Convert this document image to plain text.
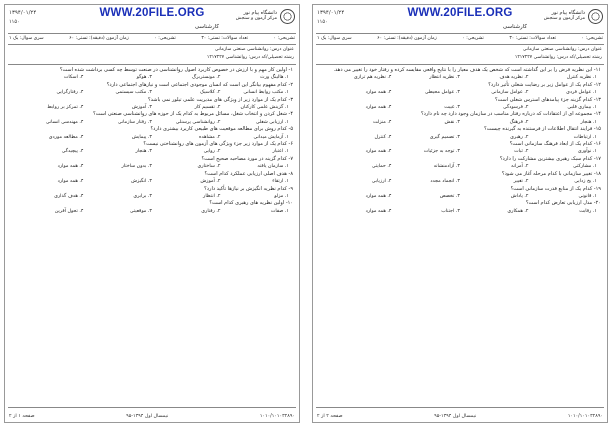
WWW.20FILE.ORG
۱۳۹۴/۰۱/۲۴
۱۱۵۰
دانشگاه پیام نور
مرکز آزمون و سنجش
کارشناسی
تشریحی: ۰
تعداد سوالات: تستی: ۳۰
تشریحی: ۰
زمان آزمون (دقیقه): تستی: ۶۰
سری سوال: یک ۱
عنوان درس: روانشناسی صنعتی سازمانی
رشته تحصیلی/کد درس: روانشناسی ۱۲۱۷۲۲۷
۱- اولین کار مهم و با ارزش در خصوص کاربرد اصول روانشناسی در صنعت توسط چه کسی برداشت شده است؟
۱. هالینگ ورث
۲. مونستربرگ
۳. هوگو
۴. اسکات
۲- کدام مفهوم بیانگر این است که انسان موجودی اجتماعی است و نیازهای اجتماعی دارد؟
۱. مکتب روابط انسانی
۲. کلاسیک
۳. مکتب سیستمی
۴. رفتارگرایی
۳- کدام یک از موارد زیر از ویژگی های مدیریت علمی تیلور نمی باشد؟
۱. گزینش علمی کارکنان
۲. تقسیم کار
۳. آموزش
۴. تمرکز بر روابط
۴- شغل کردن و انتخاب شغل، مسائل مربوط به کدام یک از حوزه های روانشناسی صنعتی است؟
۱. ارزیابی شغلی
۲. روانشناسی پرسنلی
۳. رفتار سازمانی
۴. مهندسی انسانی
۵- کدام روش برای مطالعه موقعیت های طبیعی کاربرد بیشتری دارد؟
۱. آزمایش میدانی
۲. مشاهده
۳. پیمایش
۴. مطالعه موردی
۶- کدام یک از موارد زیر جزء ویژگی های آزمون های روانشناختی نیست؟
۱. اعتبار
۲. روایی
۳. هنجار
۴. پیچیدگی
۷- کدام گزینه در مورد مصاحبه صحیح است؟
۱. سازمان یافته
۲. ساختاری
۳. بدون ساختار
۴. همه موارد
۸- هدف اصلی ارزیابی عملکرد کدام است؟
۱. ارتقاء
۲. آموزش
۳. انگیزش
۴. همه موارد
۹- کدام نظریه انگیزش بر نیازها تأکید دارد؟
۱. مزلو
۲. انتظار
۳. برابری
۴. هدف گذاری
۱۰- اولین نظریه های رهبری کدام است؟
۱. صفات
۲. رفتاری
۳. موقعیتی
۴. تحول آفرین
صفحه ۱ از ۲	نیمسال اول ۱۳۹۴-۹۵	۱۰۱۰/۱۰۱۰۳۲۸۹۰
WWW.20FILE.ORG
۱۳۹۴/۰۱/۲۴
۱۱۵۰
دانشگاه پیام نور
مرکز آزمون و سنجش
کارشناسی
تشریحی: ۰
تعداد سوالات: تستی: ۳۰
تشریحی: ۰
زمان آزمون (دقیقه): تستی: ۶۰
سری سوال: یک ۱
عنوان درس: روانشناسی صنعتی سازمانی
رشته تحصیلی/کد درس: روانشناسی ۱۲۱۷۲۲۷
۱۱- این نظریه فرض را بر این گذاشته است که شخص یک هدف معیار را با نتایج واقعی مقایسه کرده و رفتار خود را تغییر می دهد.
۱. نظریه کنترل
۲. نظریه هدف
۳. نظریه انتظار
۴. نظریه هم ترازی
۱۲- کدام یک از عوامل زیر بر رضایت شغلی تأثیر دارد؟
۱. عوامل فردی
۲. عوامل سازمانی
۳. عوامل محیطی
۴. همه موارد
۱۳- کدام گزینه جزء پیامدهای استرس شغلی است؟
۱. بیماری قلبی
۲. فرسودگی
۳. غیبت
۴. همه موارد
۱۴- مجموعه ای از اعتقادات که درباره رفتار مناسب در سازمان وجود دارد چه نام دارد؟
۱. هنجار
۲. فرهنگ
۳. نقش
۴. منزلت
۱۵- فرایند انتقال اطلاعات از فرستنده به گیرنده چیست؟
۱. ارتباطات
۲. رهبری
۳. تصمیم گیری
۴. کنترل
۱۶- کدام یک از ابعاد فرهنگ سازمانی است؟
۱. نوآوری
۲. ثبات
۳. توجه به جزئیات
۴. همه موارد
۱۷- کدام سبک رهبری بیشترین مشارکت را دارد؟
۱. مشارکتی
۲. آمرانه
۳. آزادمنشانه
۴. حمایتی
۱۸- تغییر سازمانی با کدام مرحله آغاز می شود؟
۱. یخ زدایی
۲. تغییر
۳. انجماد مجدد
۴. ارزیابی
۱۹- کدام یک از منابع قدرت سازمانی است؟
۱. قانونی
۲. پاداش
۳. تخصص
۴. همه موارد
۲۰- مدل ارزیابی تعارض کدام است؟
۱. رقابت
۲. همکاری
۳. اجتناب
۴. همه موارد
صفحه ۲ از ۲	نیمسال اول ۱۳۹۴-۹۵	۱۰۱۰/۱۰۱۰۳۲۸۹۰
